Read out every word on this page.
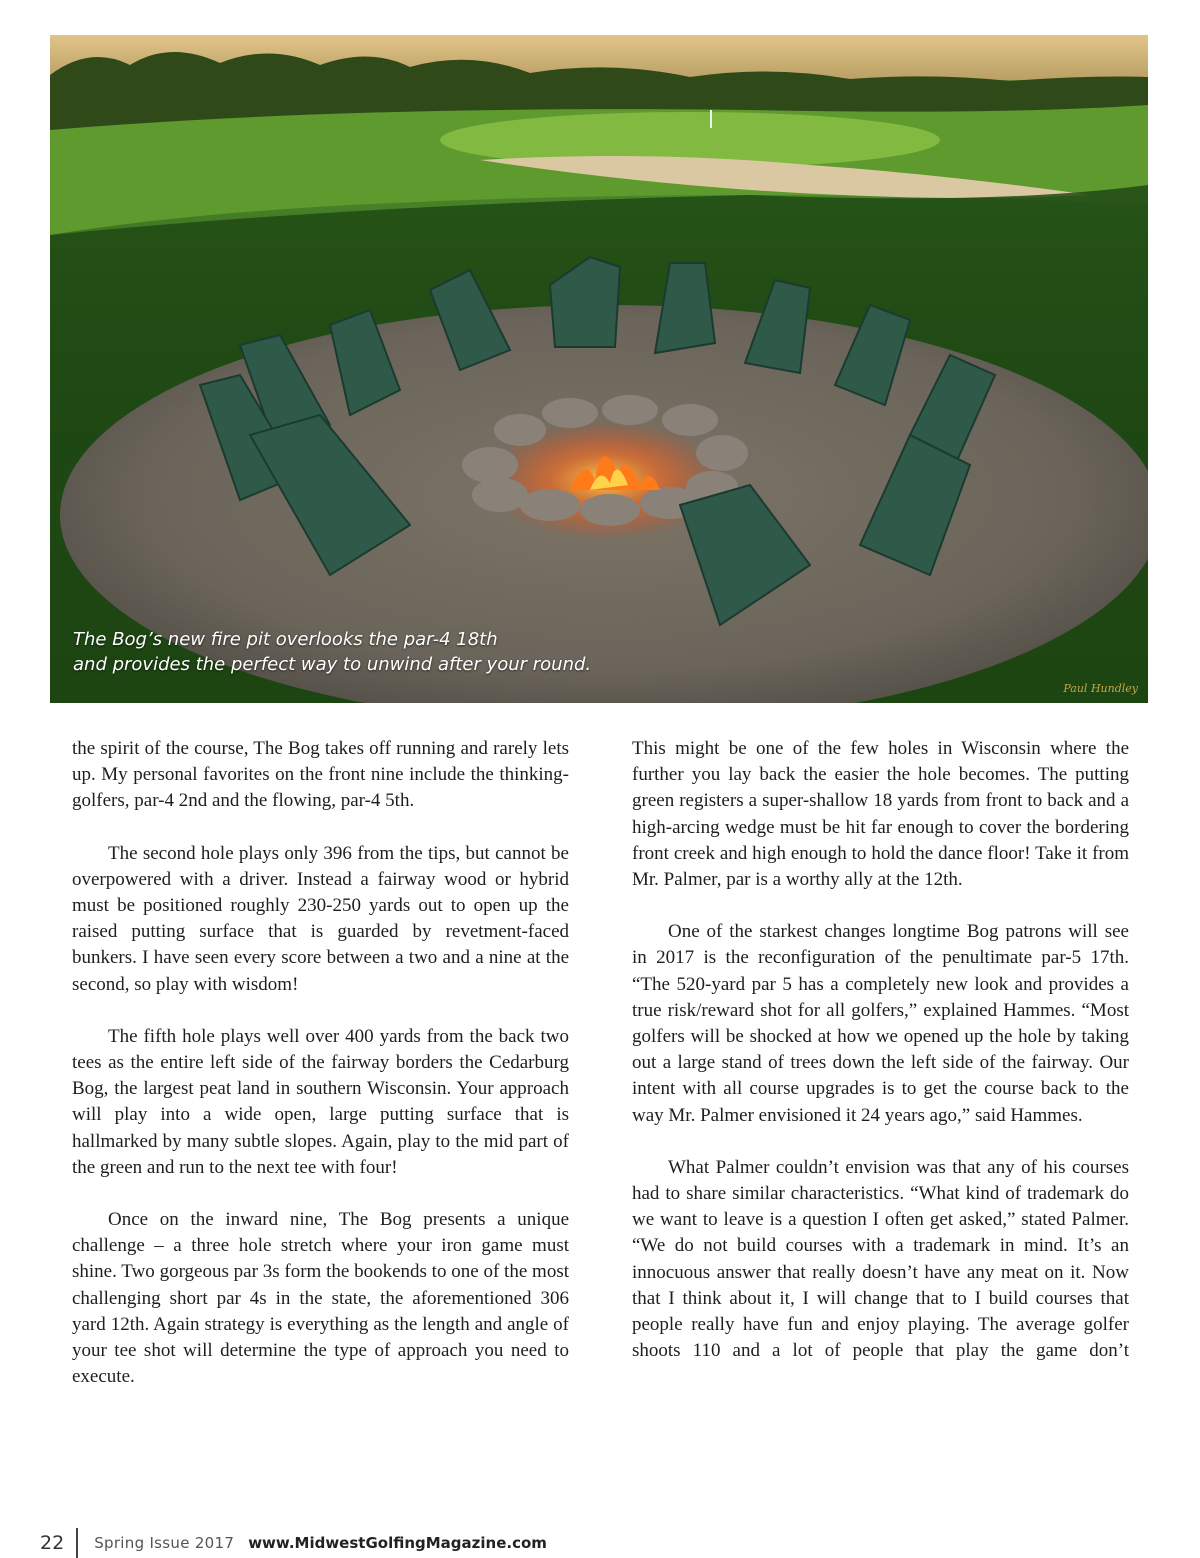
The Bog’s new fire pit overlooks the par-4 18th
and provides the perfect way to unwind after your round.
Paul Hundley

the spirit of the course, The Bog takes off running and rarely lets up. My personal favorites on the front nine include the thinking-golfers, par-4 2nd and the flowing, par-4 5th.

The second hole plays only 396 from the tips, but cannot be overpowered with a driver. Instead a fairway wood or hybrid must be positioned roughly 230-250 yards out to open up the raised putting surface that is guarded by revetment-faced bunkers. I have seen every score between a two and a nine at the second, so play with wisdom!

The fifth hole plays well over 400 yards from the back two tees as the entire left side of the fairway borders the Cedarburg Bog, the largest peat land in southern Wisconsin. Your approach will play into a wide open, large putting surface that is hallmarked by many subtle slopes. Again, play to the mid part of the green and run to the next tee with four!

Once on the inward nine, The Bog presents a unique challenge – a three hole stretch where your iron game must shine. Two gorgeous par 3s form the bookends to one of the most challenging short par 4s in the state, the aforementioned 306 yard 12th. Again strategy is everything as the length and angle of your tee shot will determine the type of approach you need to execute.

This might be one of the few holes in Wisconsin where the further you lay back the easier the hole becomes. The putting green registers a super-shallow 18 yards from front to back and a high-arcing wedge must be hit far enough to cover the bordering front creek and high enough to hold the dance floor! Take it from Mr. Palmer, par is a worthy ally at the 12th.

One of the starkest changes longtime Bog patrons will see in 2017 is the reconfiguration of the penultimate par-5 17th. “The 520-yard par 5 has a completely new look and provides a true risk/reward shot for all golfers,” explained Hammes. “Most golfers will be shocked at how we opened up the hole by taking out a large stand of trees down the left side of the fairway. Our intent with all course upgrades is to get the course back to the way Mr. Palmer envisioned it 24 years ago,” said Hammes.

What Palmer couldn’t envision was that any of his courses had to share similar characteristics. “What kind of trademark do we want to leave is a question I often get asked,” stated Palmer. “We do not build courses with a trademark in mind. It’s an innocuous answer that really doesn’t have any meat on it. Now that I think about it, I will change that to I build courses that people really have fun and enjoy playing. The average golfer shoots 110 and a lot of people that play the game don’t

22 Spring Issue 2017 www.MidwestGolfingMagazine.com
